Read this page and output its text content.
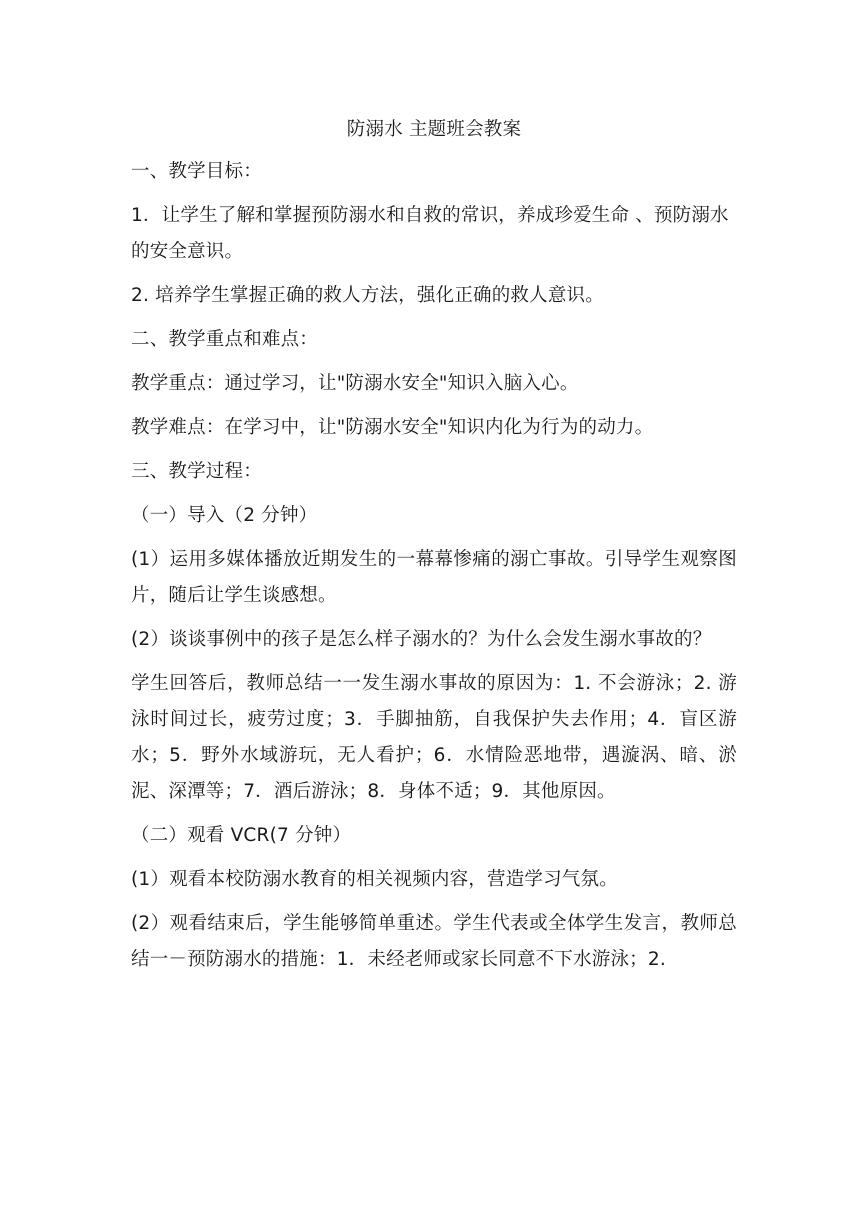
防溺水 主题班会教案
一、教学目标：
1．让学生了解和掌握预防溺水和自救的常识，养成珍爱生命 、预防溺水的安全意识。
2. 培养学生掌握正确的救人方法，强化正确的救人意识。
二、教学重点和难点：
教学重点：通过学习，让"防溺水安全"知识入脑入心。
教学难点：在学习中，让"防溺水安全"知识内化为行为的动力。
三、教学过程：
（一）导入（2 分钟）
(1）运用多媒体播放近期发生的一幕幕惨痛的溺亡事故。引导学生观察图片，随后让学生谈感想。
(2）谈谈事例中的孩子是怎么样子溺水的？为什么会发生溺水事故的？
学生回答后，教师总结一一发生溺水事故的原因为：1. 不会游泳；2. 游泳时间过长，疲劳过度；3．手脚抽筋，自我保护失去作用；4．盲区游水；5．野外水域游玩，无人看护；6．水情险恶地带，遇漩涡、暗、淤泥、深潭等；7．酒后游泳；8．身体不适；9．其他原因。
（二）观看 VCR(7 分钟）
(1）观看本校防溺水教育的相关视频内容，营造学习气氛。
(2）观看结束后，学生能够简单重述。学生代表或全体学生发言，教师总结一－预防溺水的措施：1．未经老师或家长同意不下水游泳；2.
